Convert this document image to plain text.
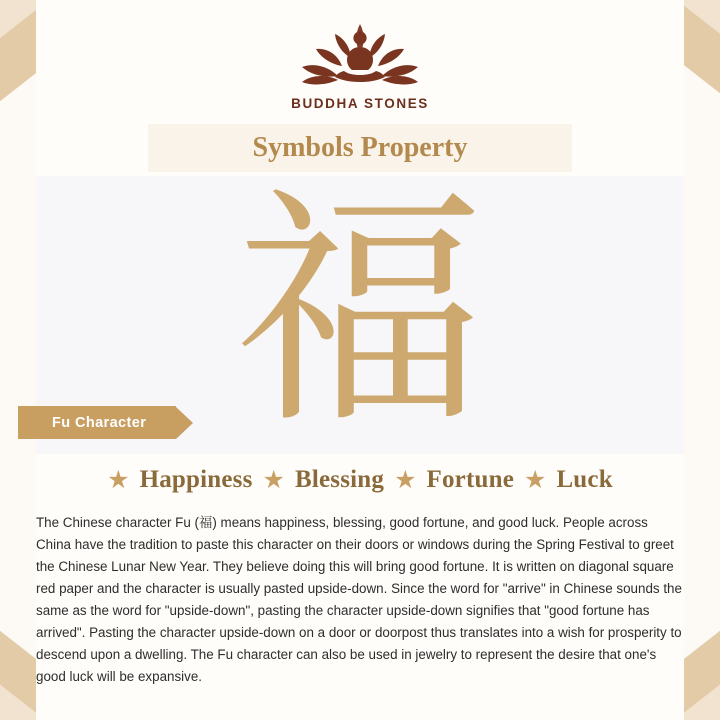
福
BUDDHA STONES
Symbols Property
Fu Character
★ Happiness ★ Blessing ★ Fortune ★ Luck

The Chinese character Fu (福) means happiness, blessing, good fortune, and good luck. People across China have the tradition to paste this character on their doors or windows during the Spring Festival to greet the Chinese Lunar New Year. They believe doing this will bring good fortune. It is written on diagonal square red paper and the character is usually pasted upside-down. Since the word for "arrive" in Chinese sounds the same as the word for "upside-down", pasting the character upside-down signifies that "good fortune has arrived". Pasting the character upside-down on a door or doorpost thus translates into a wish for prosperity to descend upon a dwelling. The Fu character can also be used in jewelry to represent the desire that one's good luck will be expansive.
